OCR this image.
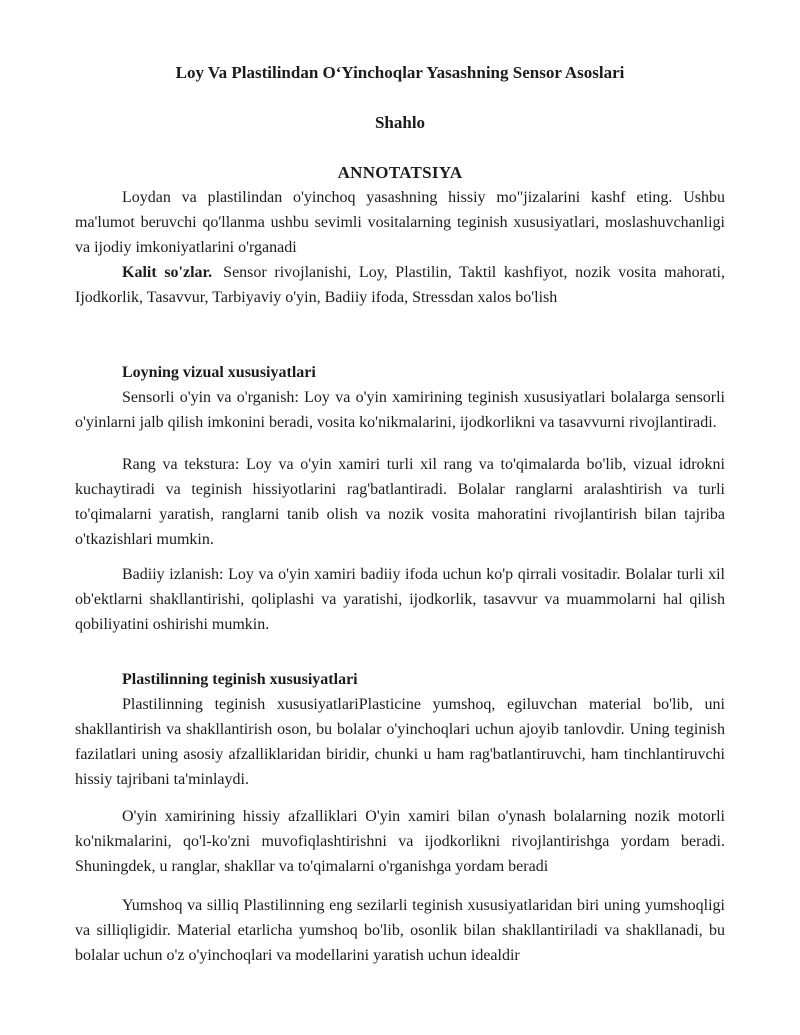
Loy Va Plastilindan O‘Yinchoqlar Yasashning Sensor Asoslari

Shahlo

ANNOTATSIYA

Loydan va plastilindan o'yinchoq yasashning hissiy mo"jizalarini kashf eting. Ushbu ma'lumot beruvchi qo'llanma ushbu sevimli vositalarning teginish xususiyatlari, moslashuvchanligi va ijodiy imkoniyatlarini o'rganadi

Kalit so'zlar. Sensor rivojlanishi, Loy, Plastilin, Taktil kashfiyot, nozik vosita mahorati, Ijodkorlik, Tasavvur, Tarbiyaviy o'yin, Badiiy ifoda, Stressdan xalos bo'lish

Loyning vizual xususiyatlari

Sensorli o'yin va o'rganish: Loy va o'yin xamirining teginish xususiyatlari bolalarga sensorli o'yinlarni jalb qilish imkonini beradi, vosita ko'nikmalarini, ijodkorlikni va tasavvurni rivojlantiradi.

Rang va tekstura: Loy va o'yin xamiri turli xil rang va to'qimalarda bo'lib, vizual idrokni kuchaytiradi va teginish hissiyotlarini rag'batlantiradi. Bolalar ranglarni aralashtirish va turli to'qimalarni yaratish, ranglarni tanib olish va nozik vosita mahoratini rivojlantirish bilan tajriba o'tkazishlari mumkin.

Badiiy izlanish: Loy va o'yin xamiri badiiy ifoda uchun ko'p qirrali vositadir. Bolalar turli xil ob'ektlarni shakllantirishi, qoliplashi va yaratishi, ijodkorlik, tasavvur va muammolarni hal qilish qobiliyatini oshirishi mumkin.

Plastilinning teginish xususiyatlari

Plastilinning teginish xususiyatlariPlasticine yumshoq, egiluvchan material bo'lib, uni shakllantirish va shakllantirish oson, bu bolalar o'yinchoqlari uchun ajoyib tanlovdir. Uning teginish fazilatlari uning asosiy afzalliklaridan biridir, chunki u ham rag'batlantiruvchi, ham tinchlantiruvchi hissiy tajribani ta'minlaydi.

O'yin xamirining hissiy afzalliklari O'yin xamiri bilan o'ynash bolalarning nozik motorli ko'nikmalarini, qo'l-ko'zni muvofiqlashtirishni va ijodkorlikni rivojlantirishga yordam beradi. Shuningdek, u ranglar, shakllar va to'qimalarni o'rganishga yordam beradi

Yumshoq va silliq Plastilinning eng sezilarli teginish xususiyatlaridan biri uning yumshoqligi va silliqligidir. Material etarlicha yumshoq bo'lib, osonlik bilan shakllantiriladi va shakllanadi, bu bolalar uchun o'z o'yinchoqlari va modellarini yaratish uchun idealdir
